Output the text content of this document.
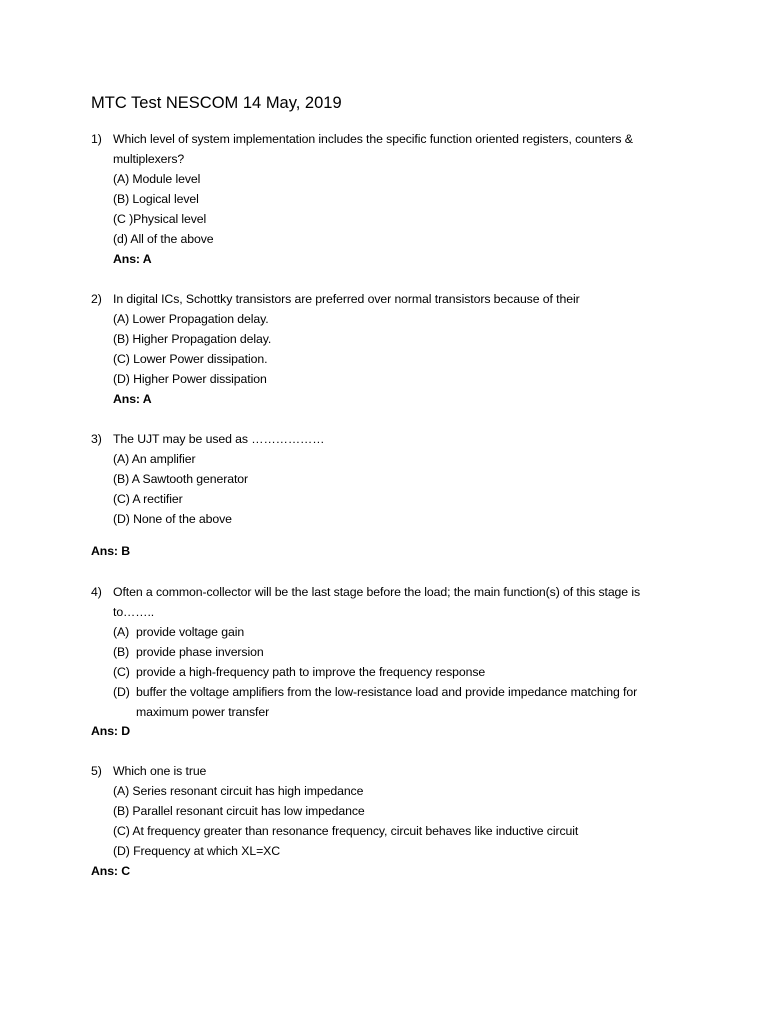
MTC Test NESCOM 14 May, 2019
1) Which level of system implementation includes the specific function oriented registers, counters &
multiplexers?
(A) Module level
(B) Logical level
(C )Physical level
(d) All of the above
Ans: A
2) In digital ICs, Schottky transistors are preferred over normal transistors because of their
(A) Lower Propagation delay.
(B) Higher Propagation delay.
(C) Lower Power dissipation.
(D) Higher Power dissipation
Ans: A
3) The UJT may be used as ………………
(A) An amplifier
(B) A Sawtooth generator
(C) A rectifier
(D) None of the above
Ans: B
4) Often a common-collector will be the last stage before the load; the main function(s) of this stage is
to……..
(A) provide voltage gain
(B) provide phase inversion
(C) provide a high-frequency path to improve the frequency response
(D) buffer the voltage amplifiers from the low-resistance load and provide impedance matching for
maximum power transfer
Ans: D
5) Which one is true
(A) Series resonant circuit has high impedance
(B) Parallel resonant circuit has low impedance
(C) At frequency greater than resonance frequency, circuit behaves like inductive circuit
(D) Frequency at which XL=XC
Ans: C
